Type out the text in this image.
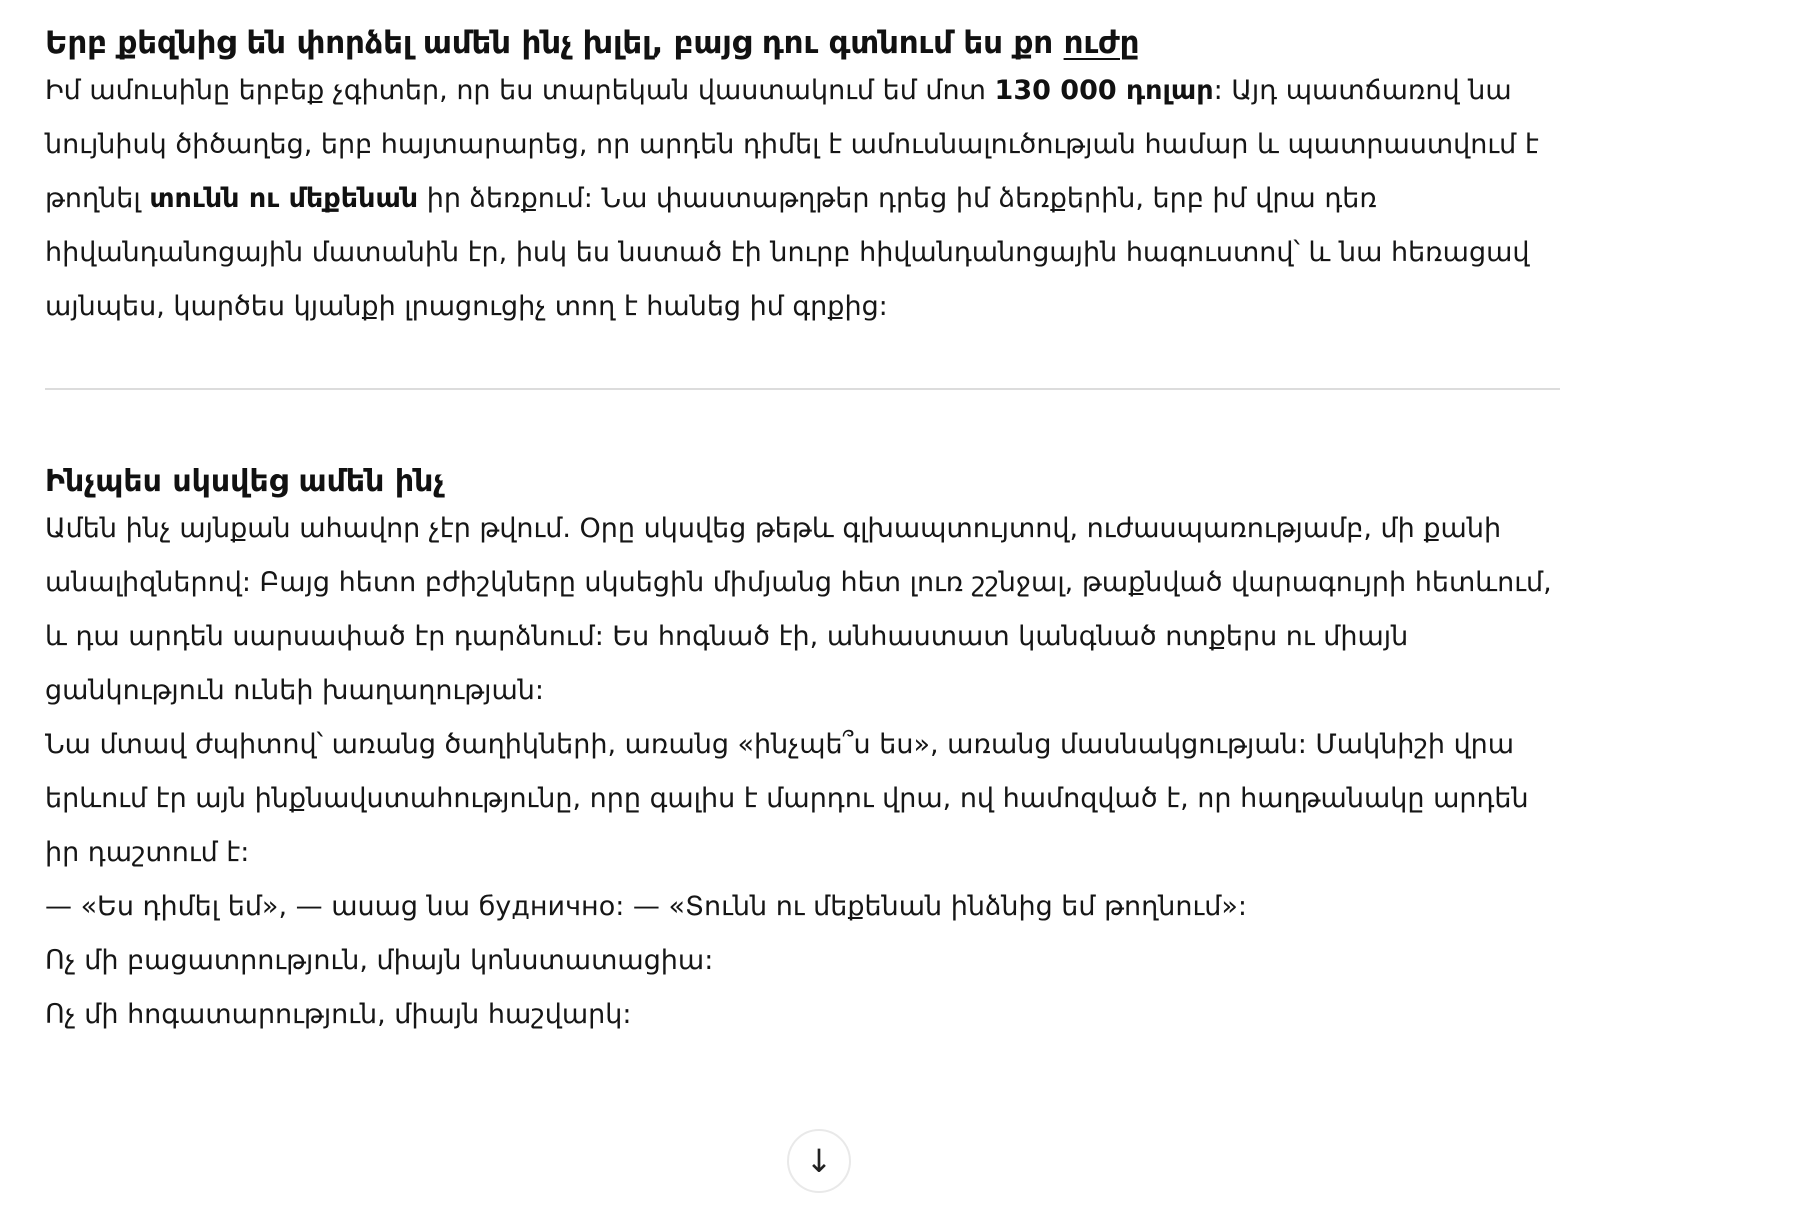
Երբ քեզնից են փորձել ամեն ինչ խլել, բայց դու գտնում ես քո ուժը

Իմ ամուսինը երբեք չգիտեր, որ ես տարեկան վաստակում եմ մոտ 130 000 դոլար: Այդ պատճառով նա նույնիսկ ծիծաղեց, երբ հայտարարեց, որ արդեն դիմել է ամուսնալուծության համար և պատրաստվում է թողնել տունն ու մեքենան իր ձեռքում: Նա փաստաթղթեր դրեց իմ ձեռքերին, երբ իմ վրա դեռ հիվանդանոցային մատանին էր, իսկ ես նստած էի նուրբ հիվանդանոցային հագուստով՝ և նա հեռացավ այնպես, կարծես կյանքի լրացուցիչ տող է հանեց իմ գրքից:

Ինչպես սկսվեց ամեն ինչ

Ամեն ինչ այնքան ահավոր չէր թվում. Օրը սկսվեց թեթև գլխապտույտով, ուժասպառությամբ, մի քանի անալիզներով: Բայց հետո բժիշկները սկսեցին միմյանց հետ լուռ շշնջալ, թաքնված վարագույրի հետևում, և դա արդեն սարսափած էր դարձնում: Ես հոգնած էի, անհաստատ կանգնած ոտքերս ու միայն ցանկություն ունեի խաղաղության:

Նա մտավ ժպիտով՝ առանց ծաղիկների, առանց «ինչպե՞ս ես», առանց մասնակցության: Մակնիշի վրա երևում էր այն ինքնավստահությունը, որը գալիս է մարդու վրա, ով համոզված է, որ հաղթանակը արդեն իր դաշտում է:

— «Ես դիմել եմ», — ասաց նա буднично: — «Տունն ու մեքենան ինձնից եմ թողնում»:

Ոչ մի բացատրություն, միայն կոնստատացիա:
Ոչ մի հոգատարություն, միայն հաշվարկ:

↓
